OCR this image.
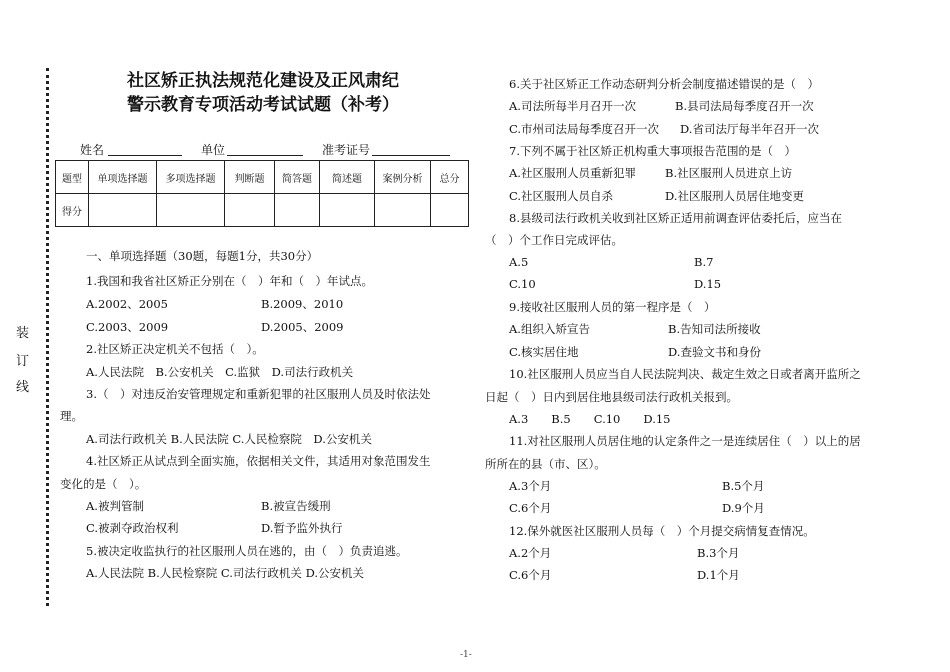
装
订
线
社区矫正执法规范化建设及正风肃纪
警示教育专项活动考试试题（补考）
姓名	单位	准考证号
题型	单项选择题	多项选择题	判断题	简答题	简述题	案例分析	总分
得分							
一、单项选择题（30题，每题1分，共30分）
1.我国和我省社区矫正分别在（　）年和（　）年试点。
A.2002、2005	B.2009、2010
C.2003、2009	D.2005、2009
2.社区矫正决定机关不包括（　）。
A.人民法院　B.公安机关　C.监狱　D.司法行政机关
3.（　）对违反治安管理规定和重新犯罪的社区服刑人员及时依法处
理。
A.司法行政机关 B.人民法院 C.人民检察院　D.公安机关
4.社区矫正从试点到全面实施，依据相关文件，其适用对象范围发生
变化的是（　）。
A.被判管制	B.被宣告缓刑
C.被剥夺政治权利	D.暂予监外执行
5.被决定收监执行的社区服刑人员在逃的，由（　）负责追逃。
A.人民法院 B.人民检察院 C.司法行政机关 D.公安机关
6.关于社区矫正工作动态研判分析会制度描述错误的是（　）
A.司法所每半月召开一次	B.县司法局每季度召开一次
C.市州司法局每季度召开一次 D.省司法厅每半年召开一次
7.下列不属于社区矫正机构重大事项报告范围的是（　）
A.社区服刑人员重新犯罪	B.社区服刑人员进京上访
C.社区服刑人员自杀	D.社区服刑人员居住地变更
8.县级司法行政机关收到社区矫正适用前调查评估委托后，应当在
（　）个工作日完成评估。
A.5	B.7
C.10	D.15
9.接收社区服刑人员的第一程序是（　）
A.组织入矫宣告	B.告知司法所接收
C.核实居住地	D.查验文书和身份
10.社区服刑人员应当自人民法院判决、裁定生效之日或者离开监所之
日起（　）日内到居住地县级司法行政机关报到。
A.3　　B.5　　C.10　　D.15
11.对社区服刑人员居住地的认定条件之一是连续居住（　）以上的居
所所在的县（市、区）。
A.3个月	B.5个月
C.6个月	D.9个月
12.保外就医社区服刑人员每（　）个月提交病情复查情况。
A.2个月	B.3个月
C.6个月	D.1个月
-1-
